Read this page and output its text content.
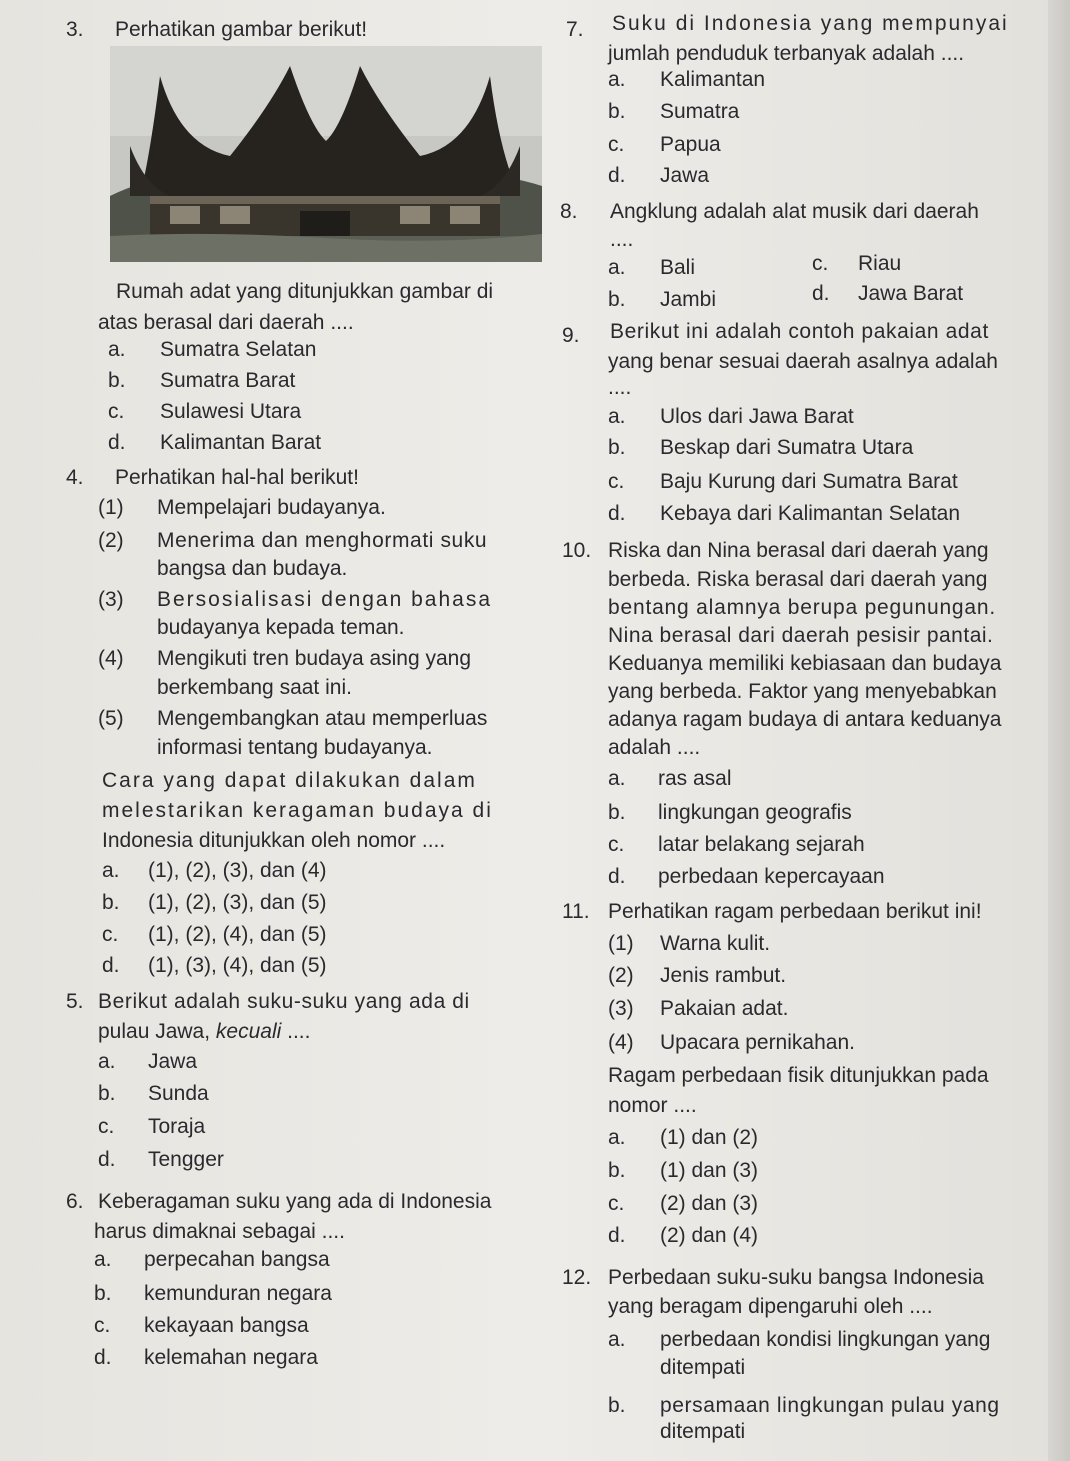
3. Perhatikan gambar berikut!
Rumah adat yang ditunjukkan gambar di
atas berasal dari daerah ....
a. Sumatra Selatan
b. Sumatra Barat
c. Sulawesi Utara
d. Kalimantan Barat
4. Perhatikan hal-hal berikut!
(1) Mempelajari budayanya.
(2) Menerima dan menghormati suku
bangsa dan budaya.
(3) Bersosialisasi dengan bahasa
budayanya kepada teman.
(4) Mengikuti tren budaya asing yang
berkembang saat ini.
(5) Mengembangkan atau memperluas
informasi tentang budayanya.
Cara yang dapat dilakukan dalam
melestarikan keragaman budaya di
Indonesia ditunjukkan oleh nomor ....
a. (1), (2), (3), dan (4)
b. (1), (2), (3), dan (5)
c. (1), (2), (4), dan (5)
d. (1), (3), (4), dan (5)
5. Berikut adalah suku-suku yang ada di
pulau Jawa, kecuali ....
a. Jawa
b. Sunda
c. Toraja
d. Tengger
6. Keberagaman suku yang ada di Indonesia
harus dimaknai sebagai ....
a. perpecahan bangsa
b. kemunduran negara
c. kekayaan bangsa
d. kelemahan negara
7. Suku di Indonesia yang mempunyai
jumlah penduduk terbanyak adalah ....
a. Kalimantan
b. Sumatra
c. Papua
d. Jawa
8. Angklung adalah alat musik dari daerah
....
a. Bali
b. Jambi
c. Riau
d. Jawa Barat
9. Berikut ini adalah contoh pakaian adat
yang benar sesuai daerah asalnya adalah
....
a. Ulos dari Jawa Barat
b. Beskap dari Sumatra Utara
c. Baju Kurung dari Sumatra Barat
d. Kebaya dari Kalimantan Selatan
10. Riska dan Nina berasal dari daerah yang
berbeda. Riska berasal dari daerah yang
bentang alamnya berupa pegunungan.
Nina berasal dari daerah pesisir pantai.
Keduanya memiliki kebiasaan dan budaya
yang berbeda. Faktor yang menyebabkan
adanya ragam budaya di antara keduanya
adalah ....
a. ras asal
b. lingkungan geografis
c. latar belakang sejarah
d. perbedaan kepercayaan
11. Perhatikan ragam perbedaan berikut ini!
(1) Warna kulit.
(2) Jenis rambut.
(3) Pakaian adat.
(4) Upacara pernikahan.
Ragam perbedaan fisik ditunjukkan pada
nomor ....
a. (1) dan (2)
b. (1) dan (3)
c. (2) dan (3)
d. (2) dan (4)
12. Perbedaan suku-suku bangsa Indonesia
yang beragam dipengaruhi oleh ....
a. perbedaan kondisi lingkungan yang
ditempati
b. persamaan lingkungan pulau yang
ditempati
